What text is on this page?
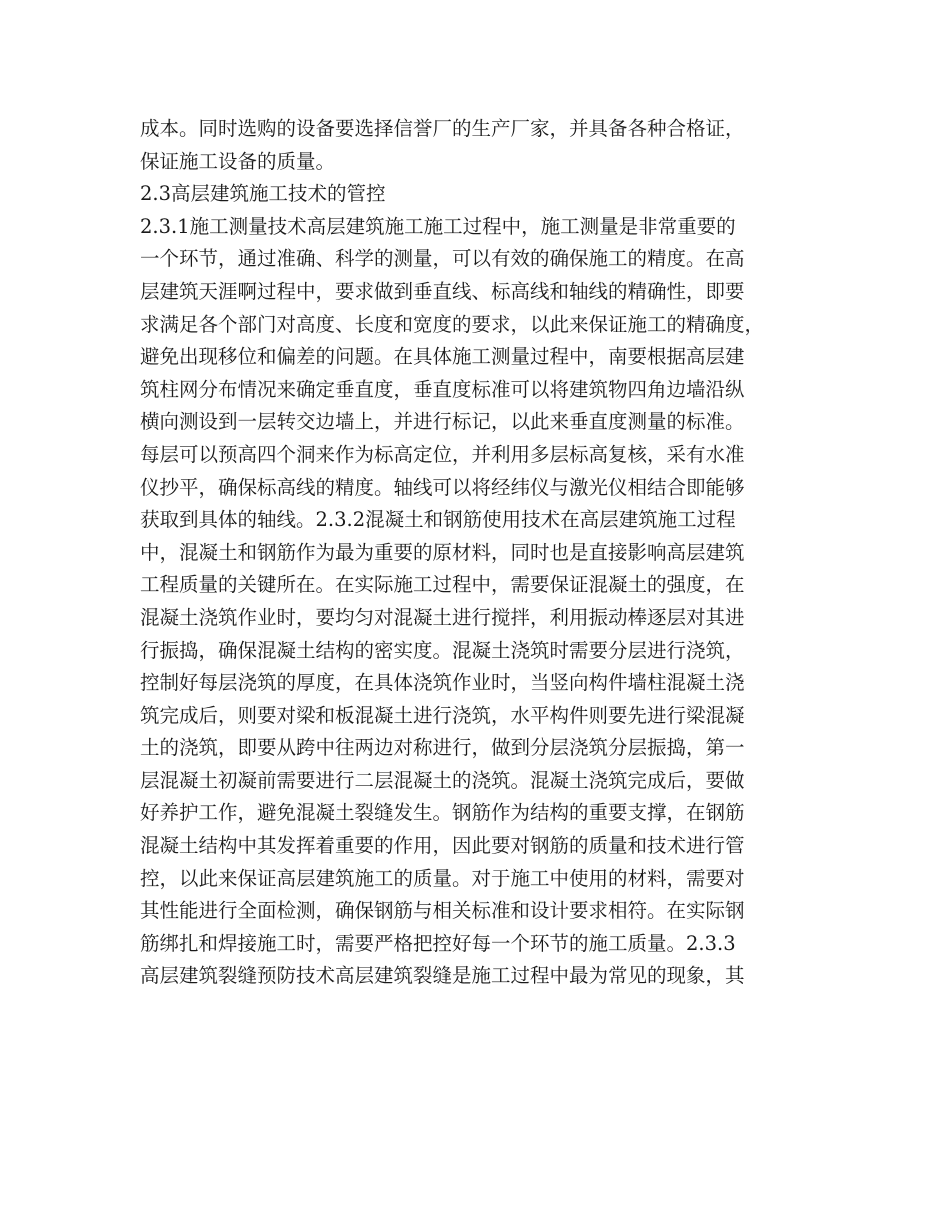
成本。同时选购的设备要选择信誉厂的生产厂家，并具备各种合格证，
保证施工设备的质量。
2.3高层建筑施工技术的管控
2.3.1施工测量技术高层建筑施工施工过程中，施工测量是非常重要的
一个环节，通过准确、科学的测量，可以有效的确保施工的精度。在高
层建筑天涯啊过程中，要求做到垂直线、标高线和轴线的精确性，即要
求满足各个部门对高度、长度和宽度的要求，以此来保证施工的精确度，
避免出现移位和偏差的问题。在具体施工测量过程中，南要根据高层建
筑柱网分布情况来确定垂直度，垂直度标准可以将建筑物四角边墙沿纵
横向测设到一层转交边墙上，并进行标记，以此来垂直度测量的标准。
每层可以预高四个洞来作为标高定位，并利用多层标高复核，采有水准
仪抄平，确保标高线的精度。轴线可以将经纬仪与激光仪相结合即能够
获取到具体的轴线。2.3.2混凝土和钢筋使用技术在高层建筑施工过程
中，混凝土和钢筋作为最为重要的原材料，同时也是直接影响高层建筑
工程质量的关键所在。在实际施工过程中，需要保证混凝土的强度，在
混凝土浇筑作业时，要均匀对混凝土进行搅拌，利用振动棒逐层对其进
行振捣，确保混凝土结构的密实度。混凝土浇筑时需要分层进行浇筑，
控制好每层浇筑的厚度，在具体浇筑作业时，当竖向构件墙柱混凝土浇
筑完成后，则要对梁和板混凝土进行浇筑，水平构件则要先进行梁混凝
土的浇筑，即要从跨中往两边对称进行，做到分层浇筑分层振捣，第一
层混凝土初凝前需要进行二层混凝土的浇筑。混凝土浇筑完成后，要做
好养护工作，避免混凝土裂缝发生。钢筋作为结构的重要支撑，在钢筋
混凝土结构中其发挥着重要的作用，因此要对钢筋的质量和技术进行管
控，以此来保证高层建筑施工的质量。对于施工中使用的材料，需要对
其性能进行全面检测，确保钢筋与相关标准和设计要求相符。在实际钢
筋绑扎和焊接施工时，需要严格把控好每一个环节的施工质量。2.3.3
高层建筑裂缝预防技术高层建筑裂缝是施工过程中最为常见的现象，其
